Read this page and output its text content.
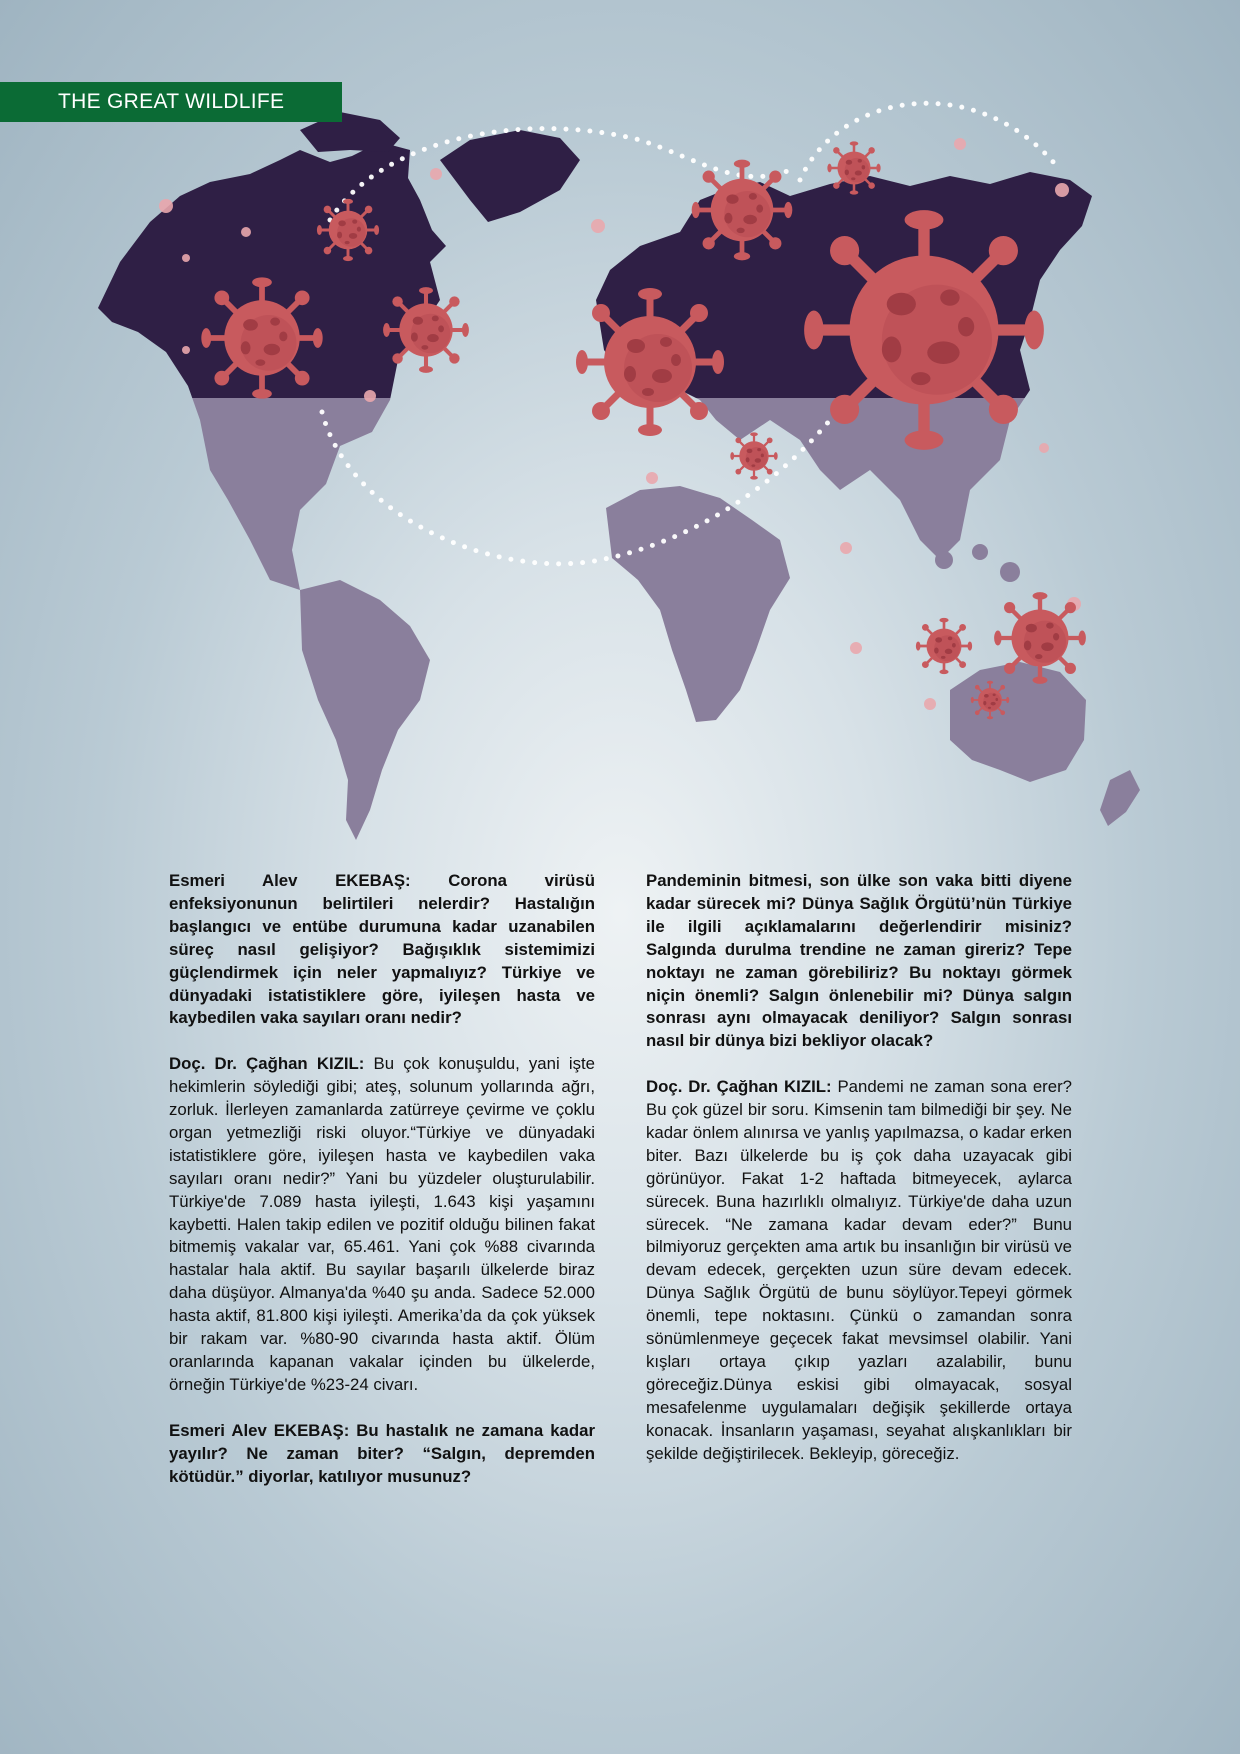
THE GREAT WILDLIFE

Esmeri Alev EKEBAŞ: Corona virüsü enfeksiyonunun belirtileri nelerdir? Hastalığın başlangıcı ve entübe durumuna kadar uzanabilen süreç nasıl gelişiyor? Bağışıklık sistemimizi güçlendirmek için neler yapmalıyız? Türkiye ve dünyadaki istatistiklere göre, iyileşen hasta ve kaybedilen vaka sayıları oranı nedir?

Doç. Dr. Çağhan KIZIL: Bu çok konuşuldu, yani işte hekimlerin söylediği gibi; ateş, solunum yollarında ağrı, zorluk. İlerleyen zamanlarda zatürreye çevirme ve çoklu organ yetmezliği riski oluyor.“Türkiye ve dünyadaki istatistiklere göre, iyileşen hasta ve kaybedilen vaka sayıları oranı nedir?” Yani bu yüzdeler oluşturulabilir. Türkiye'de 7.089 hasta iyileşti, 1.643 kişi yaşamını kaybetti. Halen takip edilen ve pozitif olduğu bilinen fakat bitmemiş vakalar var, 65.461. Yani çok %88 civarında hastalar hala aktif. Bu sayılar başarılı ülkelerde biraz daha düşüyor. Almanya'da %40 şu anda. Sadece 52.000 hasta aktif, 81.800 kişi iyileşti. Amerika’da da çok yüksek bir rakam var. %80-90 civarında hasta aktif. Ölüm oranlarında kapanan vakalar içinden bu ülkelerde, örneğin Türkiye'de %23-24 civarı.

Esmeri Alev EKEBAŞ: Bu hastalık ne zamana kadar yayılır? Ne zaman biter? “Salgın, depremden kötüdür.” diyorlar, katılıyor musunuz?

Pandeminin bitmesi, son ülke son vaka bitti diyene kadar sürecek mi? Dünya Sağlık Örgütü’nün Türkiye ile ilgili açıklamalarını değerlendirir misiniz? Salgında durulma trendine ne zaman gireriz? Tepe noktayı ne zaman görebiliriz? Bu noktayı görmek niçin önemli? Salgın önlenebilir mi? Dünya salgın sonrası aynı olmayacak deniliyor? Salgın sonrası nasıl bir dünya bizi bekliyor olacak?

Doç. Dr. Çağhan KIZIL: Pandemi ne zaman sona erer? Bu çok güzel bir soru. Kimsenin tam bilmediği bir şey. Ne kadar önlem alınırsa ve yanlış yapılmazsa, o kadar erken biter. Bazı ülkelerde bu iş çok daha uzayacak gibi görünüyor. Fakat 1-2 haftada bitmeyecek, aylarca sürecek. Buna hazırlıklı olmalıyız. Türkiye'de daha uzun sürecek. “Ne zamana kadar devam eder?” Bunu bilmiyoruz gerçekten ama artık bu insanlığın bir virüsü ve devam edecek, gerçekten uzun süre devam edecek. Dünya Sağlık Örgütü de bunu söylüyor.Tepeyi görmek önemli, tepe noktasını. Çünkü o zamandan sonra sönümlenmeye geçecek fakat mevsimsel olabilir. Yani kışları ortaya çıkıp yazları azalabilir, bunu göreceğiz.Dünya eskisi gibi olmayacak, sosyal mesafelenme uygulamaları değişik şekillerde ortaya konacak. İnsanların yaşaması, seyahat alışkanlıkları bir şekilde değiştirilecek. Bekleyip, göreceğiz.
